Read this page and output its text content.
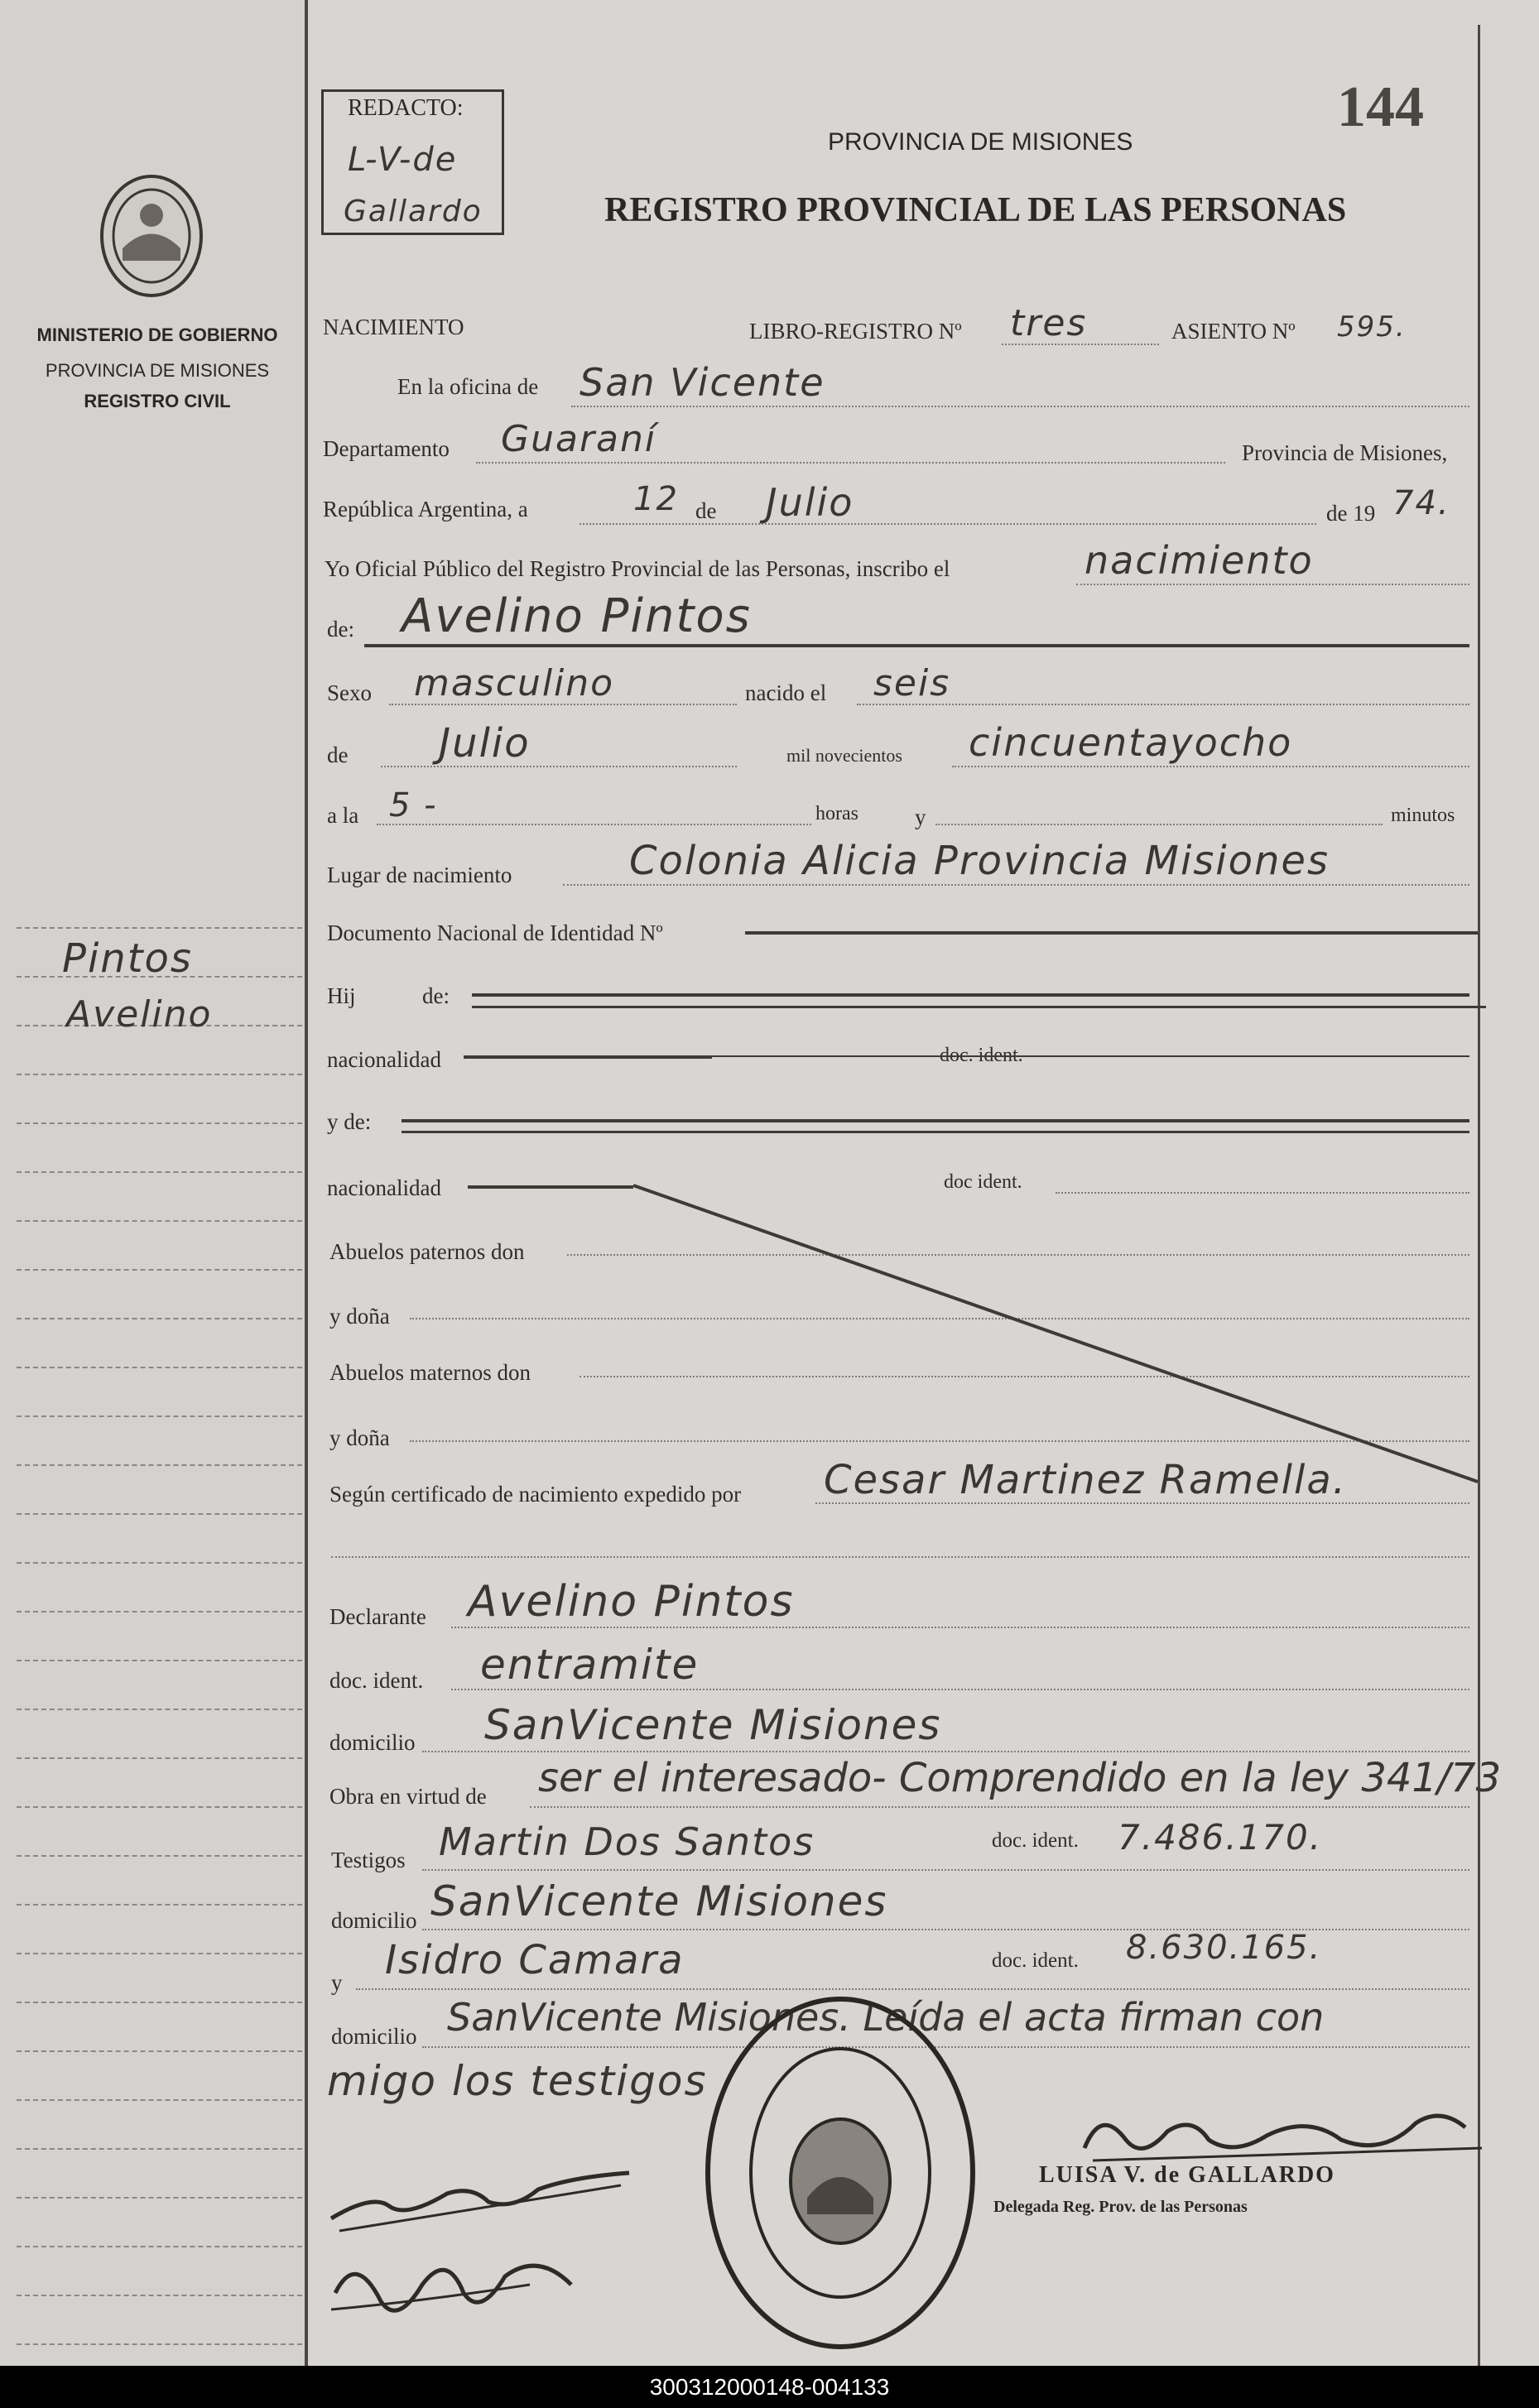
MINISTERIO DE GOBIERNO
PROVINCIA DE MISIONES
REGISTRO CIVIL
Pintos
Avelino
REDACTO:
L-V-de
Gallardo
144
PROVINCIA DE MISIONES
REGISTRO PROVINCIAL DE LAS PERSONAS
NACIMIENTO	LIBRO-REGISTRO Nº tres	ASIENTO Nº 595.
En la oficina de San Vicente
Departamento Guaraní	Provincia de Misiones,
República Argentina, a	12 de Julio	de 19 74.
Yo Oficial Público del Registro Provincial de las Personas, inscribo el	nacimiento
de: Avelino Pintos
Sexo masculino	nacido el seis
de Julio	mil novecientos cincuentayocho
a la 5 -	horas	y	minutos
Lugar de nacimiento	Colonia Alicia Provincia Misiones
Documento Nacional de Identidad Nº
Hij	de:
nacionalidad	doc. ident.
y de:
nacionalidad	doc ident.
Abuelos paternos don
y doña
Abuelos maternos don
y doña
Según certificado de nacimiento expedido por Cesar Martinez Ramella.
Declarante Avelino Pintos
doc. ident. entramite
domicilio SanVicente Misiones
Obra en virtud de ser el interesado- Comprendido en la ley 341/73
Testigos Martin Dos Santos	doc. ident. 7.486.170.
domicilio SanVicente Misiones
y Isidro Camara	doc. ident. 8.630.165.
domicilio SanVicente Misiones. Leída el acta firman con
migo los testigos
LUISA V. de GALLARDO
Delegada Reg. Prov. de las Personas
300312000148-004133
